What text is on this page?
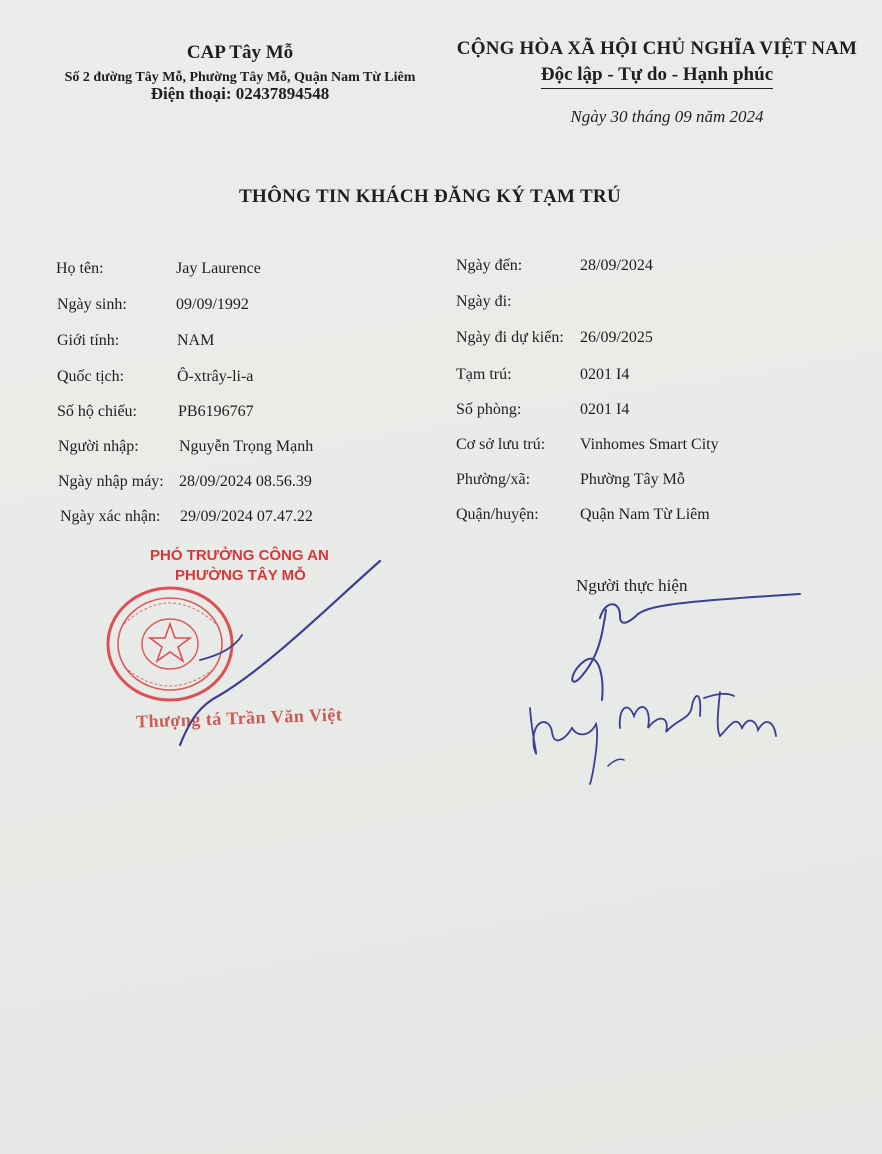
CAP Tây Mỗ
Số 2 đường Tây Mỗ, Phường Tây Mỗ, Quận Nam Từ Liêm
Điện thoại: 02437894548
CỘNG HÒA XÃ HỘI CHỦ NGHĨA VIỆT NAM
Độc lập - Tự do - Hạnh phúc
Ngày 30 tháng 09 năm 2024
THÔNG TIN KHÁCH ĐĂNG KÝ TẠM TRÚ
Họ tên:	Jay Laurence
Ngày sinh:	09/09/1992
Giới tính:	NAM
Quốc tịch:	Ô-xtrây-li-a
Số hộ chiếu:	PB6196767
Người nhập:	Nguyễn Trọng Mạnh
Ngày nhập máy: 28/09/2024 08.56.39
Ngày xác nhận: 29/09/2024 07.47.22
Ngày đến:	28/09/2024
Ngày đi:
Ngày đi dự kiến: 26/09/2025
Tạm trú:	0201 I4
Số phòng:	0201 I4
Cơ sở lưu trú: Vinhomes Smart City
Phường/xã:	Phường Tây Mỗ
Quận/huyện:	Quận Nam Từ Liêm
PHÓ TRƯỞNG CÔNG AN
PHƯỜNG TÂY MỖ
Thượng tá Trần Văn Việt
Người thực hiện
